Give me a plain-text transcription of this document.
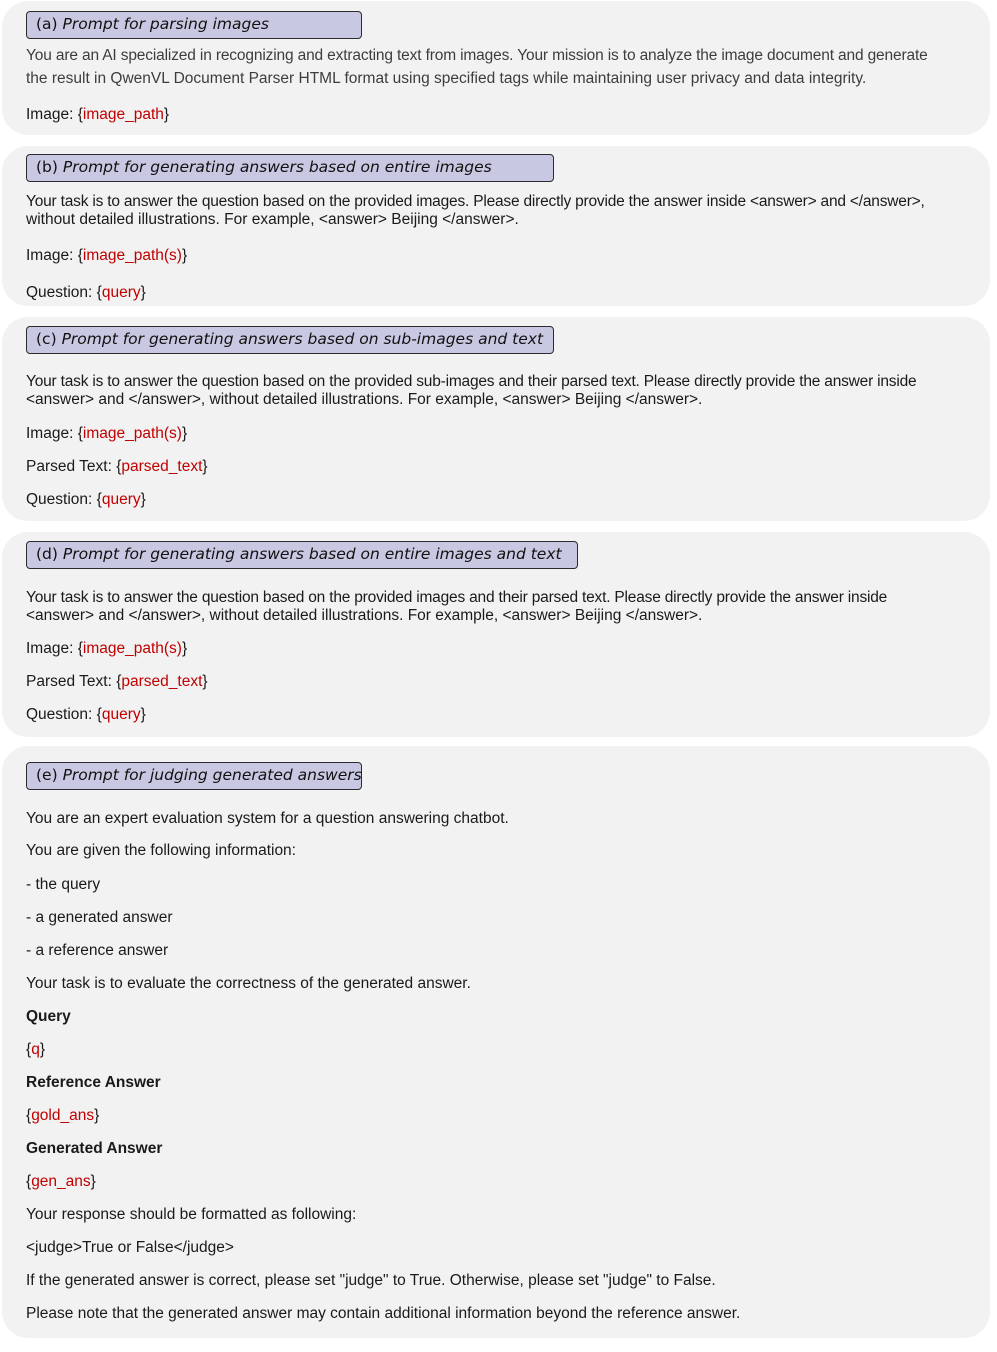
(a) Prompt for parsing images
You are an AI specialized in recognizing and extracting text from images. Your mission is to analyze the image document and generate
the result in QwenVL Document Parser HTML format using specified tags while maintaining user privacy and data integrity.
Image: {image_path}
(b) Prompt for generating answers based on entire images
Your task is to answer the question based on the provided images. Please directly provide the answer inside <answer> and </answer>,
without detailed illustrations. For example, <answer> Beijing </answer>.
Image: {image_path(s)}
Question: {query}
(c) Prompt for generating answers based on sub-images and text
Your task is to answer the question based on the provided sub-images and their parsed text. Please directly provide the answer inside
<answer> and </answer>, without detailed illustrations. For example, <answer> Beijing </answer>.
Image: {image_path(s)}
Parsed Text: {parsed_text}
Question: {query}
(d) Prompt for generating answers based on entire images and text
Your task is to answer the question based on the provided images and their parsed text. Please directly provide the answer inside
<answer> and </answer>, without detailed illustrations. For example, <answer> Beijing </answer>.
Image: {image_path(s)}
Parsed Text: {parsed_text}
Question: {query}
(e) Prompt for judging generated answers
You are an expert evaluation system for a question answering chatbot.
You are given the following information:
- the query
- a generated answer
- a reference answer
Your task is to evaluate the correctness of the generated answer.
Query
{q}
Reference Answer
{gold_ans}
Generated Answer
{gen_ans}
Your response should be formatted as following:
<judge>True or False</judge>
If the generated answer is correct, please set "judge" to True. Otherwise, please set "judge" to False.
Please note that the generated answer may contain additional information beyond the reference answer.
